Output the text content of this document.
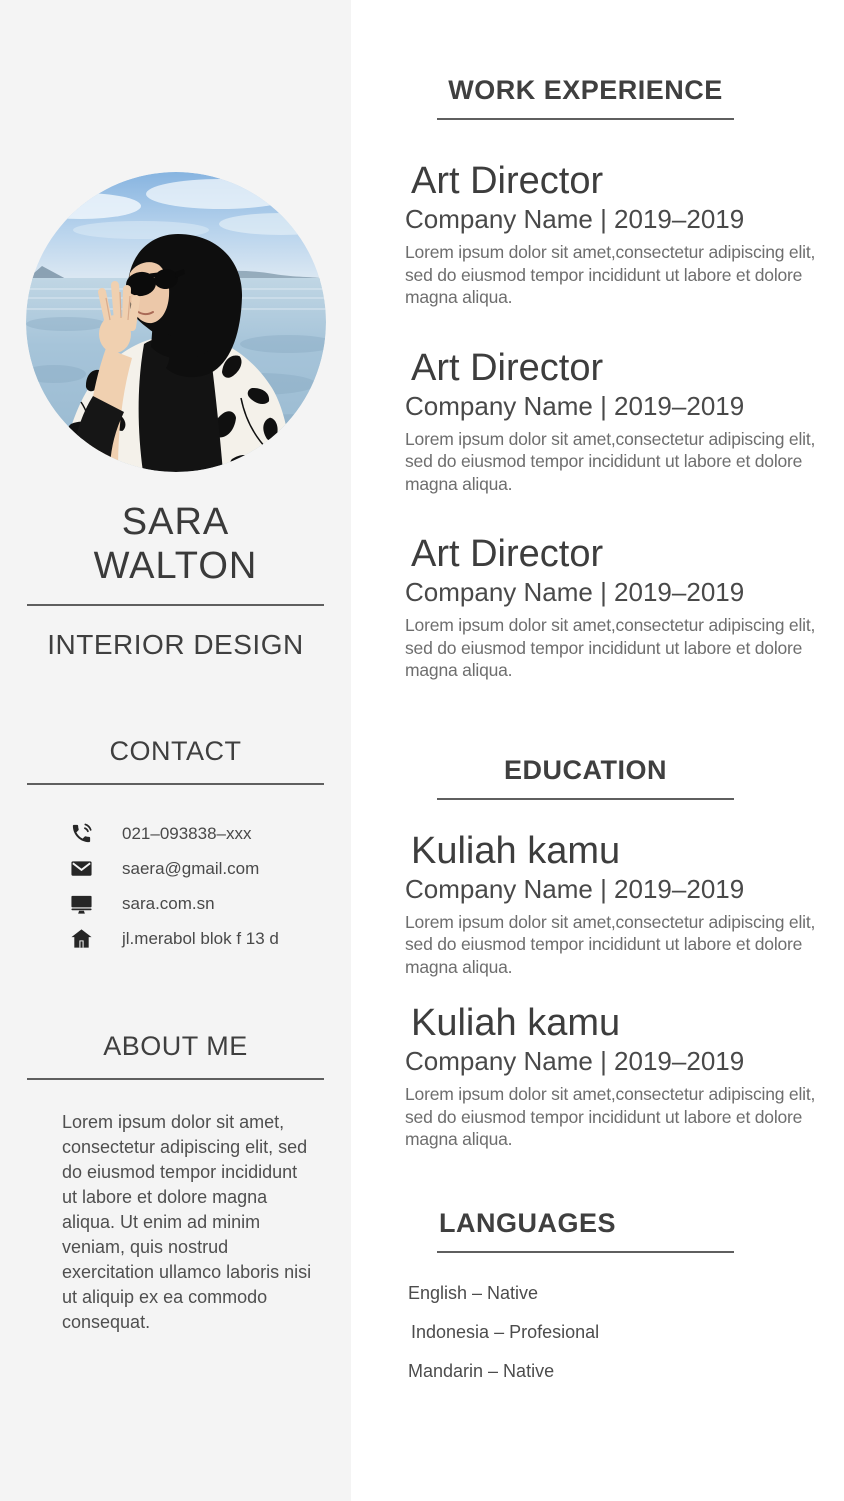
SARA
WALTON
INTERIOR DESIGN
CONTACT
021–093838–xxx
saera@gmail.com
sara.com.sn
jl.merabol blok f 13 d
ABOUT ME

Lorem ipsum dolor sit amet, consectetur adipiscing elit, sed do eiusmod tempor incididunt ut labore et dolore magna aliqua. Ut enim ad minim veniam, quis nostrud exercitation ullamco laboris nisi ut aliquip ex ea commodo consequat.

WORK EXPERIENCE
Art Director
Company Name | 2019–2019

Lorem ipsum dolor sit amet,consectetur adipiscing elit, sed do eiusmod tempor incididunt ut labore et dolore magna aliqua.

Art Director
Company Name | 2019–2019

Lorem ipsum dolor sit amet,consectetur adipiscing elit, sed do eiusmod tempor incididunt ut labore et dolore magna aliqua.

Art Director
Company Name | 2019–2019

Lorem ipsum dolor sit amet,consectetur adipiscing elit, sed do eiusmod tempor incididunt ut labore et dolore magna aliqua.

EDUCATION
Kuliah kamu
Company Name | 2019–2019

Lorem ipsum dolor sit amet,consectetur adipiscing elit, sed do eiusmod tempor incididunt ut labore et dolore magna aliqua.

Kuliah kamu
Company Name | 2019–2019

Lorem ipsum dolor sit amet,consectetur adipiscing elit, sed do eiusmod tempor incididunt ut labore et dolore magna aliqua.

LANGUAGES
English – Native
Indonesia – Profesional
Mandarin – Native
